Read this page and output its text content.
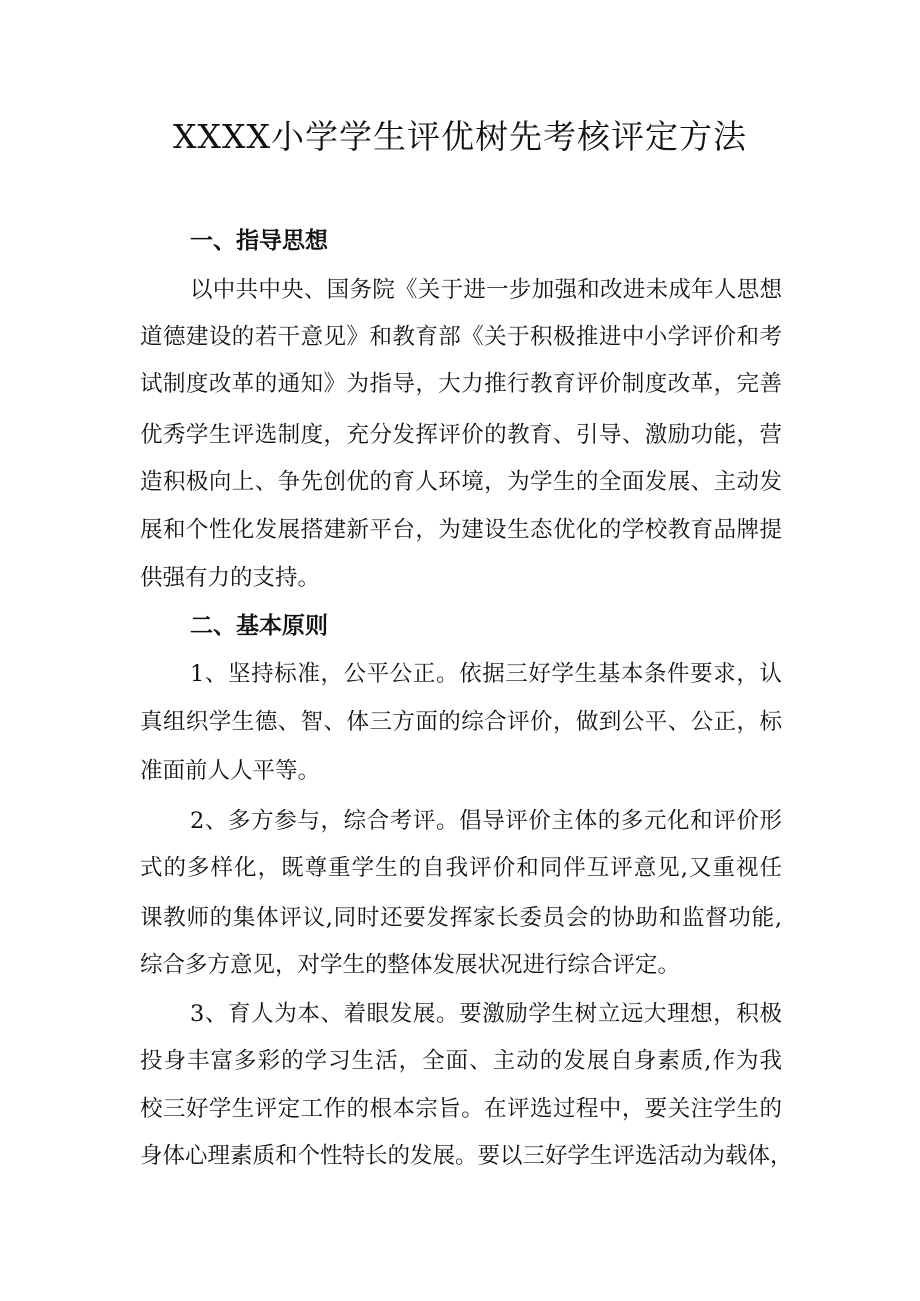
XXXX小学学生评优树先考核评定方法
一、指导思想

以中共中央、国务院《关于进一步加强和改进未成年人思想

道德建设的若干意见》和教育部《关于积极推进中小学评价和考

试制度改革的通知》为指导，大力推行教育评价制度改革，完善

优秀学生评选制度，充分发挥评价的教育、引导、激励功能，营

造积极向上、争先创优的育人环境，为学生的全面发展、主动发

展和个性化发展搭建新平台，为建设生态优化的学校教育品牌提

供强有力的支持。

二、基本原则

1、坚持标准，公平公正。依据三好学生基本条件要求，认

真组织学生德、智、体三方面的综合评价，做到公平、公正，标

准面前人人平等。

2、多方参与，综合考评。倡导评价主体的多元化和评价形

式的多样化，既尊重学生的自我评价和同伴互评意见,又重视任

课教师的集体评议,同时还要发挥家长委员会的协助和监督功能,

综合多方意见，对学生的整体发展状况进行综合评定。

3、育人为本、着眼发展。要激励学生树立远大理想，积极

投身丰富多彩的学习生活，全面、主动的发展自身素质,作为我

校三好学生评定工作的根本宗旨。在评选过程中，要关注学生的

身体心理素质和个性特长的发展。要以三好学生评选活动为载体，
